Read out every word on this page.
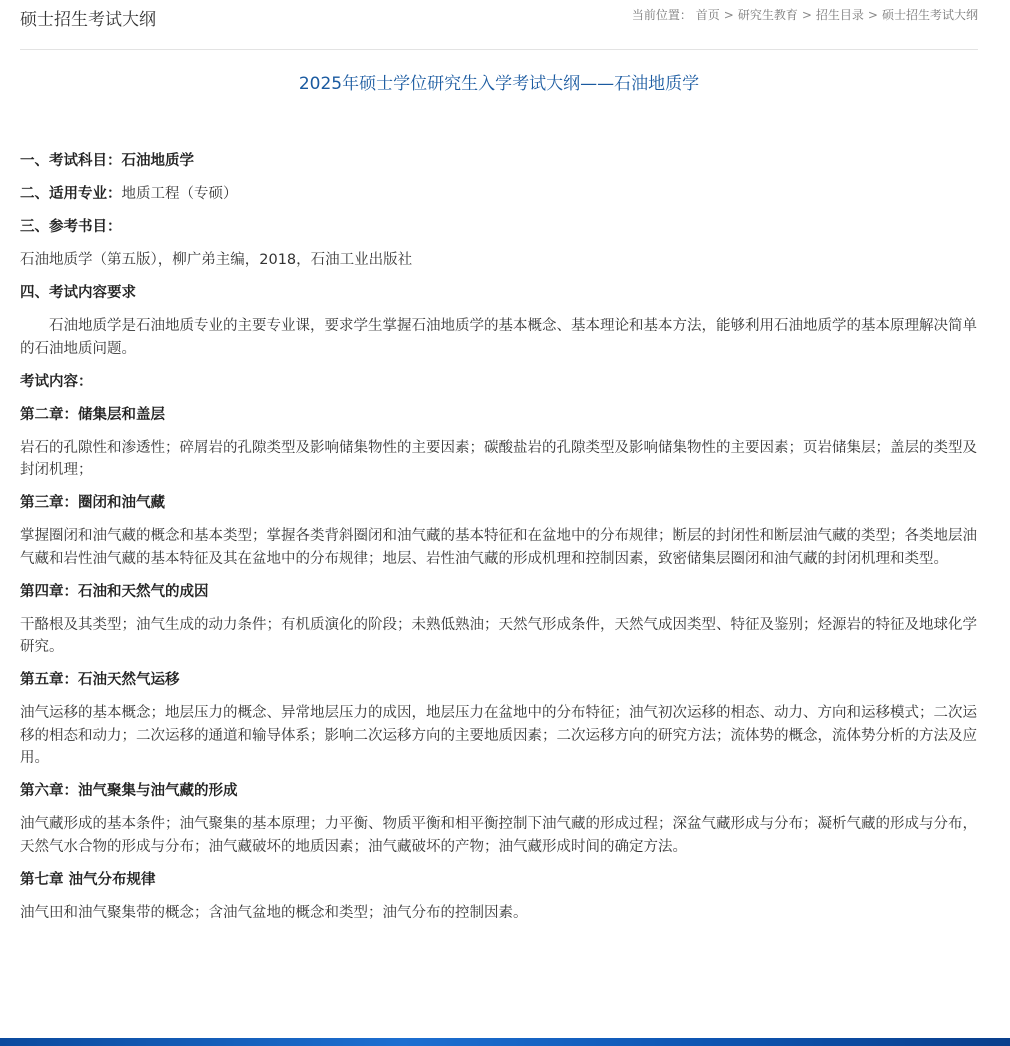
硕士招生考试大纲	当前位置： 首页 > 研究生教育 > 招生目录 > 硕士招生考试大纲
2025年硕士学位研究生入学考试大纲——石油地质学

一、考试科目：石油地质学

二、适用专业：地质工程（专硕）

三、参考书目：

石油地质学（第五版），柳广弟主编，2018，石油工业出版社

四、考试内容要求

石油地质学是石油地质专业的主要专业课，要求学生掌握石油地质学的基本概念、基本理论和基本方法，能够利用石油地质学的基本原理解决简单的石油地质问题。

考试内容：

第二章：储集层和盖层

岩石的孔隙性和渗透性；碎屑岩的孔隙类型及影响储集物性的主要因素；碳酸盐岩的孔隙类型及影响储集物性的主要因素；页岩储集层；盖层的类型及封闭机理；

第三章：圈闭和油气藏

掌握圈闭和油气藏的概念和基本类型；掌握各类背斜圈闭和油气藏的基本特征和在盆地中的分布规律；断层的封闭性和断层油气藏的类型；各类地层油气藏和岩性油气藏的基本特征及其在盆地中的分布规律；地层、岩性油气藏的形成机理和控制因素，致密储集层圈闭和油气藏的封闭机理和类型。

第四章：石油和天然气的成因

干酪根及其类型；油气生成的动力条件；有机质演化的阶段；未熟低熟油；天然气形成条件，天然气成因类型、特征及鉴别；烃源岩的特征及地球化学研究。

第五章：石油天然气运移

油气运移的基本概念；地层压力的概念、异常地层压力的成因，地层压力在盆地中的分布特征；油气初次运移的相态、动力、方向和运移模式；二次运移的相态和动力；二次运移的通道和输导体系；影响二次运移方向的主要地质因素；二次运移方向的研究方法；流体势的概念，流体势分析的方法及应用。

第六章：油气聚集与油气藏的形成

油气藏形成的基本条件；油气聚集的基本原理；力平衡、物质平衡和相平衡控制下油气藏的形成过程；深盆气藏形成与分布；凝析气藏的形成与分布，天然气水合物的形成与分布；油气藏破坏的地质因素；油气藏破坏的产物；油气藏形成时间的确定方法。

第七章 油气分布规律

油气田和油气聚集带的概念；含油气盆地的概念和类型；油气分布的控制因素。
